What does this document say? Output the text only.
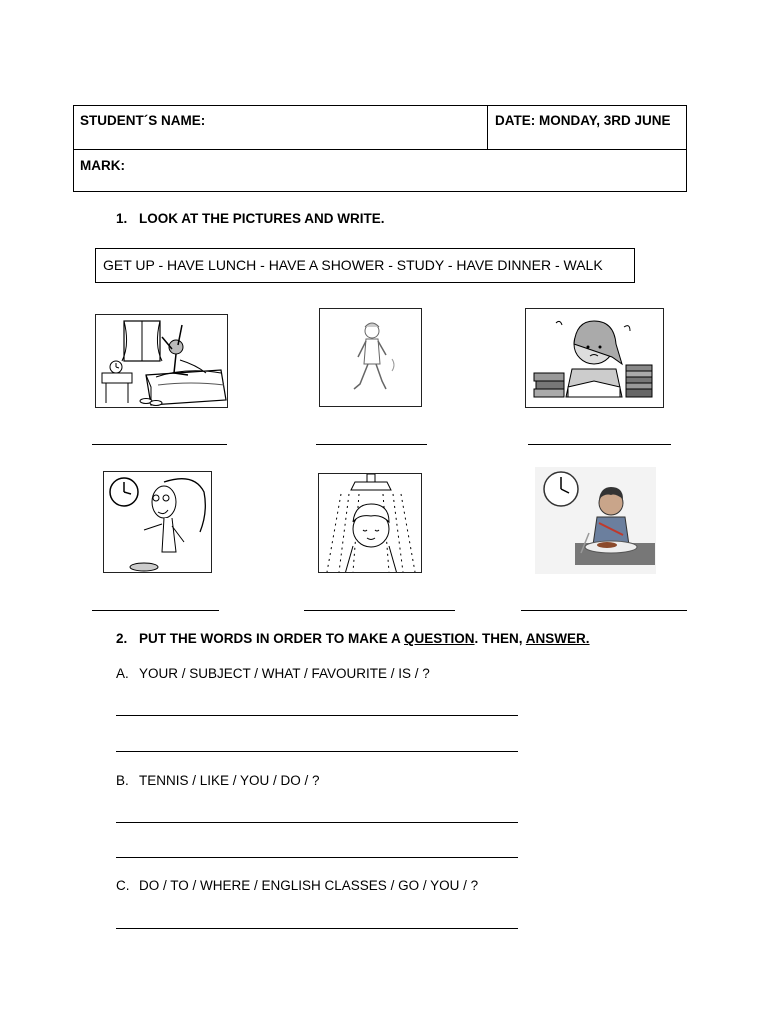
STUDENT´S NAME:	DATE: MONDAY, 3RD JUNE
MARK:
1. LOOK AT THE PICTURES AND WRITE.
GET UP - HAVE LUNCH - HAVE A SHOWER - STUDY - HAVE DINNER - WALK
2. PUT THE WORDS IN ORDER TO MAKE A QUESTION. THEN, ANSWER.
A. YOUR / SUBJECT / WHAT / FAVOURITE / IS / ?
B. TENNIS / LIKE / YOU / DO / ?
C. DO / TO / WHERE / ENGLISH CLASSES / GO / YOU / ?
